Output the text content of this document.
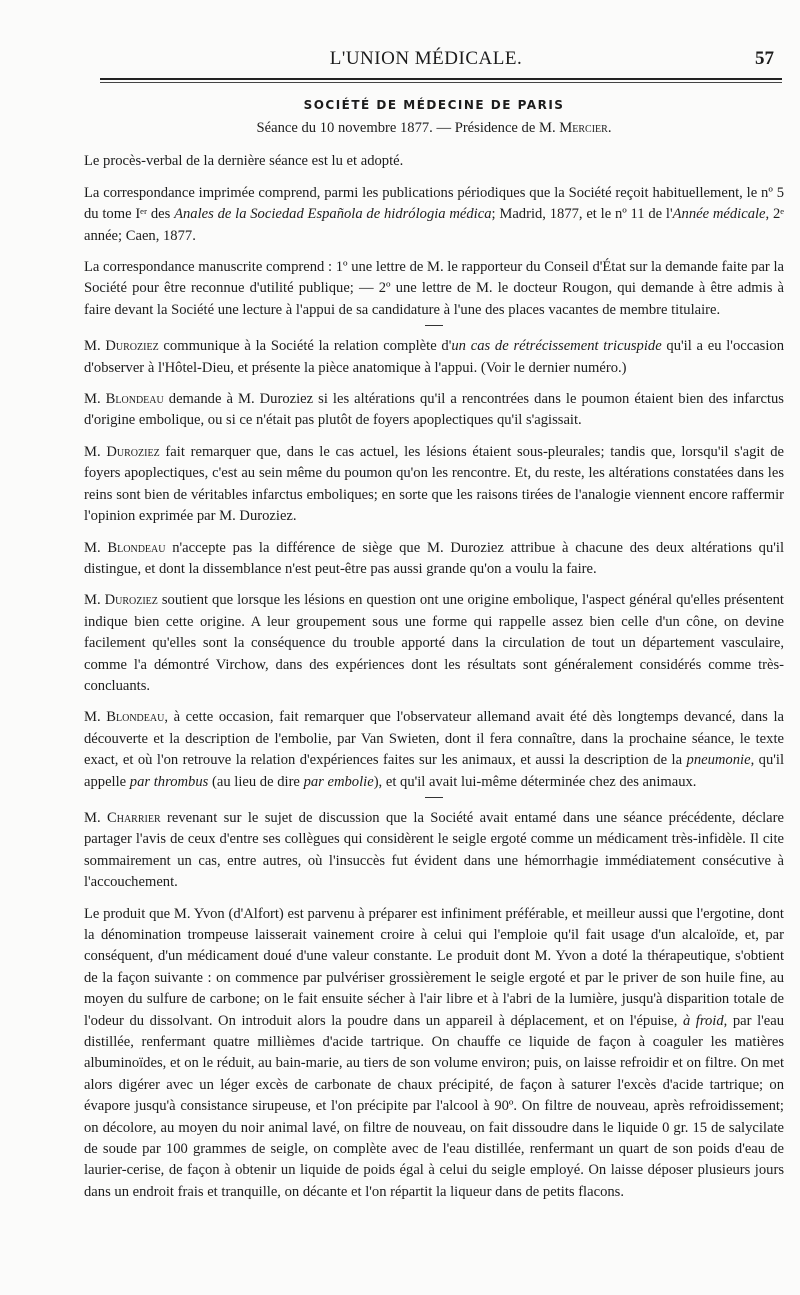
L'UNION MÉDICALE.	57
SOCIÉTÉ DE MÉDECINE DE PARIS
Séance du 10 novembre 1877. — Présidence de M. Mercier.

Le procès-verbal de la dernière séance est lu et adopté.

La correspondance imprimée comprend, parmi les publications périodiques que la Société reçoit habituellement, le nº 5 du tome Iᵉʳ des Anales de la Sociedad Española de hidrólogia médica; Madrid, 1877, et le nº 11 de l'Année médicale, 2ᵉ année; Caen, 1877.

La correspondance manuscrite comprend : 1º une lettre de M. le rapporteur du Conseil d'État sur la demande faite par la Société pour être reconnue d'utilité publique; — 2º une lettre de M. le docteur Rougon, qui demande à être admis à faire devant la Société une lecture à l'appui de sa candidature à l'une des places vacantes de membre titulaire.

M. Duroziez communique à la Société la relation complète d'un cas de rétrécissement tricuspide qu'il a eu l'occasion d'observer à l'Hôtel-Dieu, et présente la pièce anatomique à l'appui. (Voir le dernier numéro.)

M. Blondeau demande à M. Duroziez si les altérations qu'il a rencontrées dans le poumon étaient bien des infarctus d'origine embolique, ou si ce n'était pas plutôt de foyers apoplectiques qu'il s'agissait.

M. Duroziez fait remarquer que, dans le cas actuel, les lésions étaient sous-pleurales; tandis que, lorsqu'il s'agit de foyers apoplectiques, c'est au sein même du poumon qu'on les rencontre. Et, du reste, les altérations constatées dans les reins sont bien de véritables infarctus emboliques; en sorte que les raisons tirées de l'analogie viennent encore raffermir l'opinion exprimée par M. Duroziez.

M. Blondeau n'accepte pas la différence de siège que M. Duroziez attribue à chacune des deux altérations qu'il distingue, et dont la dissemblance n'est peut-être pas aussi grande qu'on a voulu la faire.

M. Duroziez soutient que lorsque les lésions en question ont une origine embolique, l'aspect général qu'elles présentent indique bien cette origine. A leur groupement sous une forme qui rappelle assez bien celle d'un cône, on devine facilement qu'elles sont la conséquence du trouble apporté dans la circulation de tout un département vasculaire, comme l'a démontré Virchow, dans des expériences dont les résultats sont généralement considérés comme très-concluants.

M. Blondeau, à cette occasion, fait remarquer que l'observateur allemand avait été dès longtemps devancé, dans la découverte et la description de l'embolie, par Van Swieten, dont il fera connaître, dans la prochaine séance, le texte exact, et où l'on retrouve la relation d'expériences faites sur les animaux, et aussi la description de la pneumonie, qu'il appelle par thrombus (au lieu de dire par embolie), et qu'il avait lui-même déterminée chez des animaux.

M. Charrier revenant sur le sujet de discussion que la Société avait entamé dans une séance précédente, déclare partager l'avis de ceux d'entre ses collègues qui considèrent le seigle ergoté comme un médicament très-infidèle. Il cite sommairement un cas, entre autres, où l'insuccès fut évident dans une hémorrhagie immédiatement consécutive à l'accouchement.

Le produit que M. Yvon (d'Alfort) est parvenu à préparer est infiniment préférable, et meilleur aussi que l'ergotine, dont la dénomination trompeuse laisserait vainement croire à celui qui l'emploie qu'il fait usage d'un alcaloïde, et, par conséquent, d'un médicament doué d'une valeur constante. Le produit dont M. Yvon a doté la thérapeutique, s'obtient de la façon suivante : on commence par pulvériser grossièrement le seigle ergoté et par le priver de son huile fine, au moyen du sulfure de carbone; on le fait ensuite sécher à l'air libre et à l'abri de la lumière, jusqu'à disparition totale de l'odeur du dissolvant. On introduit alors la poudre dans un appareil à déplacement, et on l'épuise, à froid, par l'eau distillée, renfermant quatre millièmes d'acide tartrique. On chauffe ce liquide de façon à coaguler les matières albuminoïdes, et on le réduit, au bain-marie, au tiers de son volume environ; puis, on laisse refroidir et on filtre. On met alors digérer avec un léger excès de carbonate de chaux précipité, de façon à saturer l'excès d'acide tartrique; on évapore jusqu'à consistance sirupeuse, et l'on précipite par l'alcool à 90º. On filtre de nouveau, après refroidissement; on décolore, au moyen du noir animal lavé, on filtre de nouveau, on fait dissoudre dans le liquide 0 gr. 15 de salycilate de soude par 100 grammes de seigle, on complète avec de l'eau distillée, renfermant un quart de son poids d'eau de laurier-cerise, de façon à obtenir un liquide de poids égal à celui du seigle employé. On laisse déposer plusieurs jours dans un endroit frais et tranquille, on décante et l'on répartit la liqueur dans de petits flacons.
